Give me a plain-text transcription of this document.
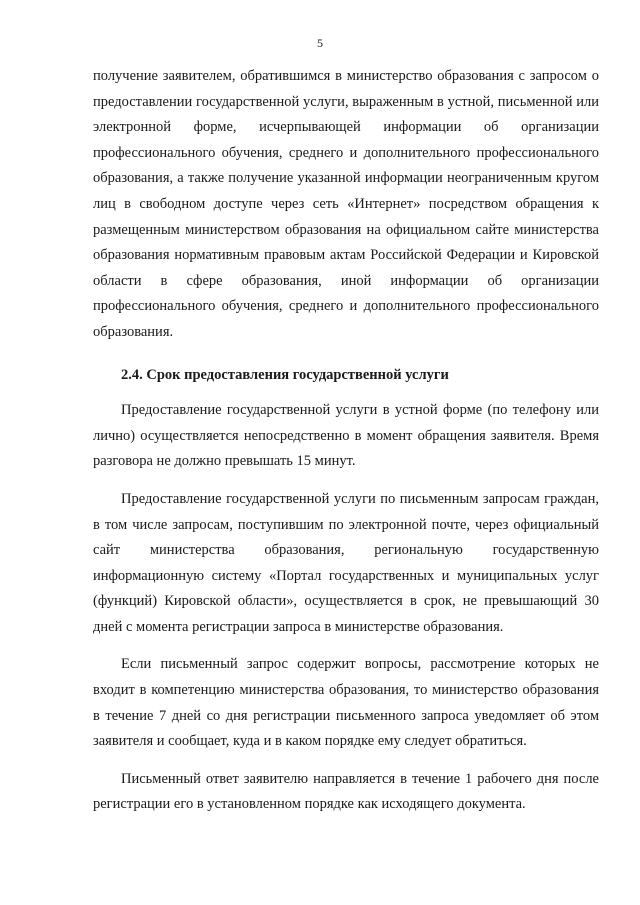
5

получение заявителем, обратившимся в министерство образования с запросом о предоставлении государственной услуги, выраженным в устной, письменной или электронной форме, исчерпывающей информации об организации профессионального обучения, среднего и дополнительного профессионального образования, а также получение указанной информации неограниченным кругом лиц в свободном доступе через сеть «Интернет» посредством обращения к размещенным министерством образования на официальном сайте министерства образования нормативным правовым актам Российской Федерации и Кировской области в сфере образования, иной информации об организации профессионального обучения, среднего и дополнительного профессионального образования.

2.4. Срок предоставления государственной услуги

Предоставление государственной услуги в устной форме (по телефону или лично) осуществляется непосредственно в момент обращения заявителя. Время разговора не должно превышать 15 минут.

Предоставление государственной услуги по письменным запросам граждан, в том числе запросам, поступившим по электронной почте, через официальный сайт министерства образования, региональную государственную информационную систему «Портал государственных и муниципальных услуг (функций) Кировской области», осуществляется в срок, не превышающий 30 дней с момента регистрации запроса в министерстве образования.

Если письменный запрос содержит вопросы, рассмотрение которых не входит в компетенцию министерства образования, то министерство образования в течение 7 дней со дня регистрации письменного запроса уведомляет об этом заявителя и сообщает, куда и в каком порядке ему следует обратиться.

Письменный ответ заявителю направляется в течение 1 рабочего дня после регистрации его в установленном порядке как исходящего документа.
